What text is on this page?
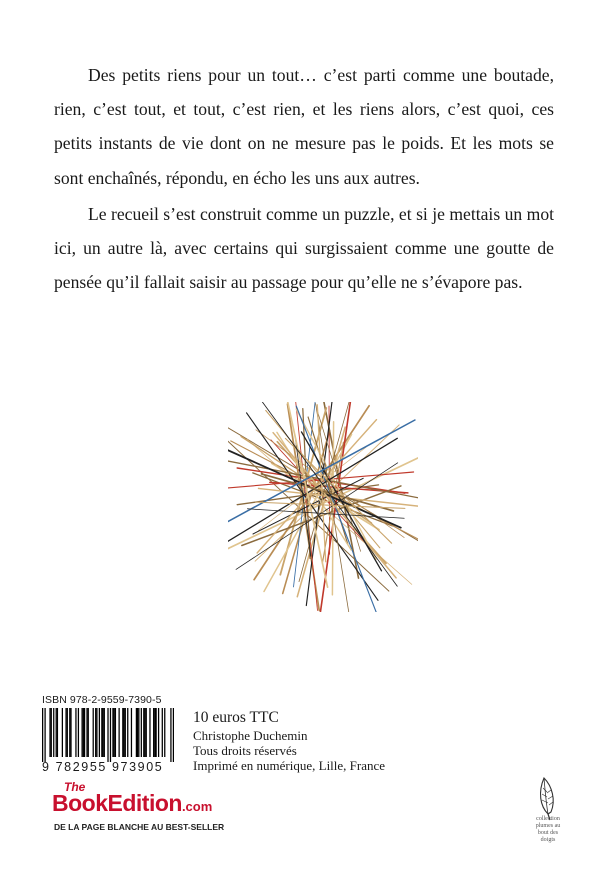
Des petits riens pour un tout… c’est parti comme une boutade, rien, c’est tout, et tout, c’est rien, et les riens alors, c’est quoi, ces petits instants de vie dont on ne mesure pas le poids. Et les mots se sont enchaînés, répondu, en écho les uns aux autres.

Le recueil s’est construit comme un puzzle, et si je mettais un mot ici, un autre là, avec certains qui surgissaient comme une goutte de pensée qu’il fallait saisir au passage pour qu’elle ne s’évapore pas.

ISBN 978-2-9559-7390-5
9 782955 973905
10 euros TTC
Christophe Duchemin
Tous droits réservés
Imprimé en numérique, Lille, France
The
BookEdition.com
DE LA PAGE BLANCHE AU BEST-SELLER
collection
plumes au
bout des
doigts
